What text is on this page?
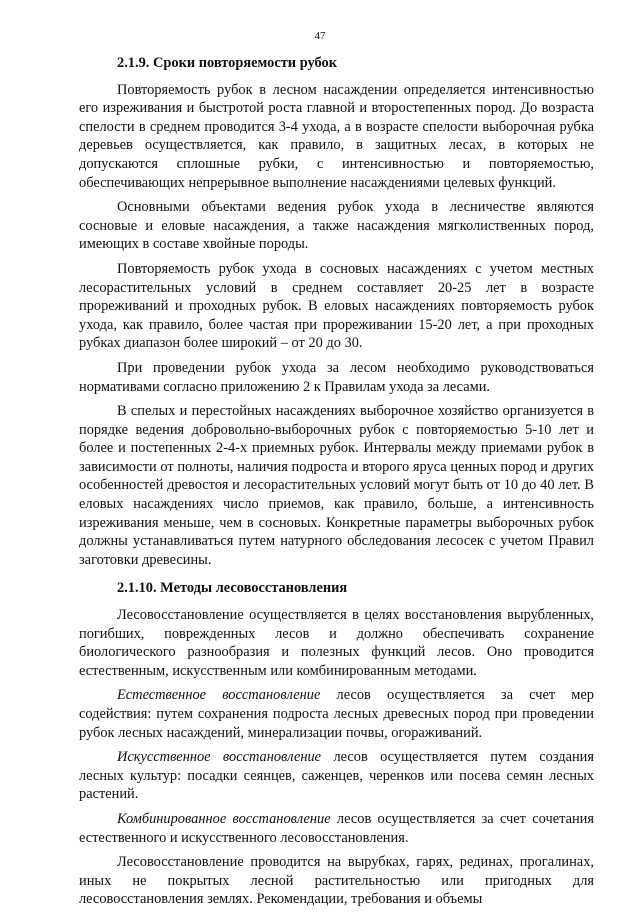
47
2.1.9. Сроки повторяемости рубок

Повторяемость рубок в лесном насаждении определяется интенсивностью его изреживания и быстротой роста главной и второстепенных пород. До возраста спелости в среднем проводится 3-4 ухода, а в возрасте спелости выборочная рубка деревьев осуществляется, как правило, в защитных лесах, в которых не допускаются сплошные рубки, с интенсивностью и повторяемостью, обеспечивающих непрерывное выполнение насаждениями целевых функций.

Основными объектами ведения рубок ухода в лесничестве являются сосновые и еловые насаждения, а также насаждения мягколиственных пород, имеющих в составе хвойные породы.

Повторяемость рубок ухода в сосновых насаждениях с учетом местных лесорастительных условий в среднем составляет 20-25 лет в возрасте прореживаний и проходных рубок. В еловых насаждениях повторяемость рубок ухода, как правило, более частая при прореживании 15-20 лет, а при проходных рубках диапазон более широкий – от 20 до 30.

При проведении рубок ухода за лесом необходимо руководствоваться нормативами согласно приложению 2 к Правилам ухода за лесами.

В спелых и перестойных насаждениях выборочное хозяйство организуется в порядке ведения добровольно-выборочных рубок с повторяемостью 5-10 лет и более и постепенных 2-4-х приемных рубок. Интервалы между приемами рубок в зависимости от полноты, наличия подроста и второго яруса ценных пород и других особенностей древостоя и лесорастительных условий могут быть от 10 до 40 лет. В еловых насаждениях число приемов, как правило, больше, а интенсивность изреживания меньше, чем в сосновых. Конкретные параметры выборочных рубок должны устанавливаться путем натурного обследования лесосек с учетом Правил заготовки древесины.

2.1.10. Методы лесовосстановления

Лесовосстановление осуществляется в целях восстановления вырубленных, погибших, поврежденных лесов и должно обеспечивать сохранение биологического разнообразия и полезных функций лесов. Оно проводится естественным, искусственным или комбинированным методами.

Естественное восстановление лесов осуществляется за счет мер содействия: путем сохранения подроста лесных древесных пород при проведении рубок лесных насаждений, минерализации почвы, огораживаний.

Искусственное восстановление лесов осуществляется путем создания лесных культур: посадки сеянцев, саженцев, черенков или посева семян лесных растений.

Комбинированное восстановление лесов осуществляется за счет сочетания естественного и искусственного лесовосстановления.

Лесовосстановление проводится на вырубках, гарях, рединах, прогалинах, иных не покрытых лесной растительностью или пригодных для лесовосстановления землях. Рекомендации, требования и объемы
